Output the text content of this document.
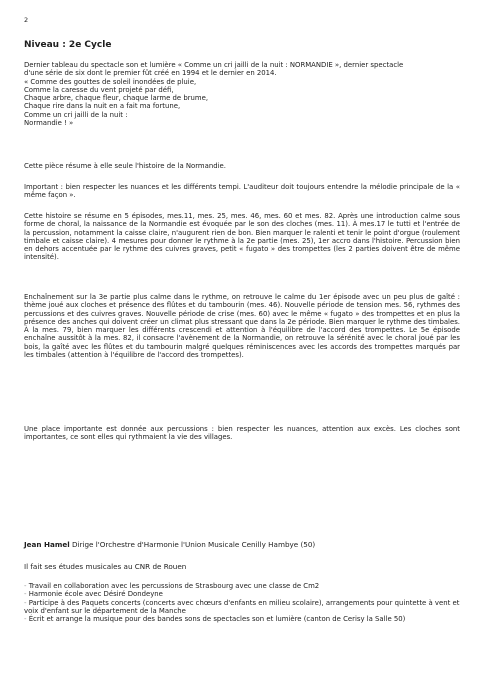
2
Niveau : 2e Cycle
Dernier tableau du spectacle son et lumière « Comme un cri jailli de la nuit : NORMANDIE », dernier spectacle
d'une série de six dont le premier fût créé en 1994 et le dernier en 2014.
« Comme des gouttes de soleil inondées de pluie,
Comme la caresse du vent projeté par défi,
Chaque arbre, chaque fleur, chaque larme de brume,
Chaque rire dans la nuit en a fait ma fortune,
Comme un cri jailli de la nuit :
Normandie ! »
Cette pièce résume à elle seule l'histoire de la Normandie.
Important : bien respecter les nuances et les différents tempi. L'auditeur doit toujours entendre la mélodie principale de la « même façon ».
Cette histoire se résume en 5 épisodes, mes.11, mes. 25, mes. 46, mes. 60 et mes. 82. Après une introduction calme sous forme de choral, la naissance de la Normandie est évoquée par le son des cloches (mes. 11). À mes.17 le tutti et l'entrée de la percussion, notamment la caisse claire, n'augurent rien de bon. Bien marquer le ralenti et tenir le point d'orgue (roulement timbale et caisse claire). 4 mesures pour donner le rythme à la 2e partie (mes. 25), 1er accro dans l'histoire. Percussion bien en dehors accentuée par le rythme des cuivres graves, petit « fugato » des trompettes (les 2 parties doivent être de même intensité).
Enchaînement sur la 3e partie plus calme dans le rythme, on retrouve le calme du 1er épisode avec un peu plus de gaîté : thème joué aux cloches et présence des flûtes et du tambourin (mes. 46). Nouvelle période de tension mes. 56, rythmes des percussions et des cuivres graves. Nouvelle période de crise (mes. 60) avec le même « fugato » des trompettes et en plus la présence des anches qui doivent créer un climat plus stressant que dans la 2e période. Bien marquer le rythme des timbales. À la mes. 79, bien marquer les différents crescendi et attention à l'équilibre de l'accord des trompettes. Le 5e épisode enchaîne aussitôt à la mes. 82, il consacre l'avènement de la Normandie, on retrouve la sérénité avec le choral joué par les bois, la gaîté avec les flûtes et du tambourin malgré quelques réminiscences avec les accords des trompettes marqués par les timbales (attention à l'équilibre de l'accord des trompettes).
Une place importante est donnée aux percussions : bien respecter les nuances, attention aux excès. Les cloches sont importantes, ce sont elles qui rythmaient la vie des villages.
Jean Hamel Dirige l'Orchestre d'Harmonie l'Union Musicale Cenilly Hambye (50)
Il fait ses études musicales au CNR de Rouen
- Travail en collaboration avec les percussions de Strasbourg avec une classe de Cm2
- Harmonie école avec Désiré Dondeyne
- Participe à des Paquets concerts (concerts avec chœurs d'enfants en milieu scolaire), arrangements pour quintette à vent et voix d'enfant sur le département de la Manche
- Écrit et arrange la musique pour des bandes sons de spectacles son et lumière (canton de Cerisy la Salle 50)
